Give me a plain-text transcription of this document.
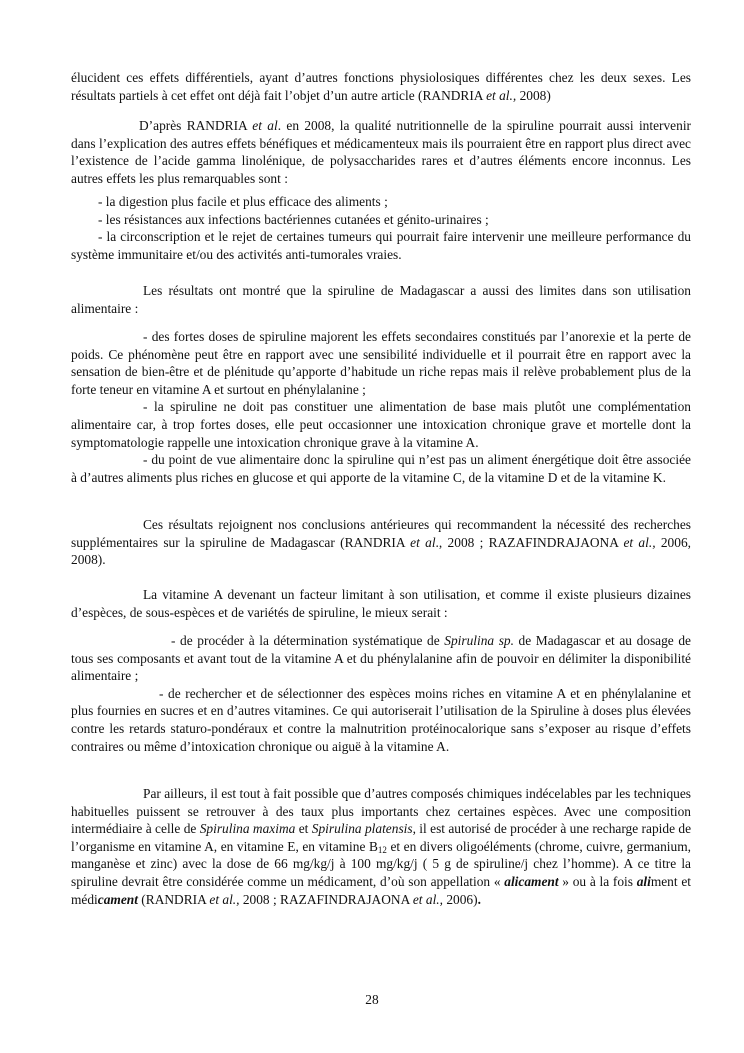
élucident ces effets différentiels, ayant d’autres fonctions physiolosiques différentes chez les deux sexes. Les résultats partiels à cet effet ont déjà fait l’objet d’un autre article (RANDRIA et al., 2008)

D’après RANDRIA et al. en 2008, la qualité nutritionnelle de la spiruline pourrait aussi intervenir dans l’explication des autres effets bénéfiques et médicamenteux mais ils pourraient être en rapport plus direct avec l’existence de l’acide gamma linolénique, de polysaccharides rares et d’autres éléments encore inconnus. Les autres effets les plus remarquables sont :

- la digestion plus facile et plus efficace des aliments ;
- les résistances aux infections bactériennes cutanées et génito-urinaires ;
- la circonscription et le rejet de certaines tumeurs qui pourrait faire intervenir une meilleure performance du système immunitaire et/ou des activités anti-tumorales vraies.

Les résultats ont montré que la spiruline de Madagascar a aussi des limites dans son utilisation alimentaire :

- des fortes doses de spiruline majorent les effets secondaires constitués par l’anorexie et la perte de poids. Ce phénomène peut être en rapport avec une sensibilité individuelle et il pourrait être en rapport avec la sensation de bien-être et de plénitude qu’apporte d’habitude un riche repas mais il relève probablement plus de la forte teneur en vitamine A et surtout en phénylalanine ;
- la spiruline ne doit pas constituer une alimentation de base mais plutôt une complémentation alimentaire car, à trop fortes doses, elle peut occasionner une intoxication chronique grave et mortelle dont la symptomatologie rappelle une intoxication chronique grave à la vitamine A.
- du point de vue alimentaire donc la spiruline qui n’est pas un aliment énergétique doit être associée à d’autres aliments plus riches en glucose et qui apporte de la vitamine C, de la vitamine D et de la vitamine K.

Ces résultats rejoignent nos conclusions antérieures qui recommandent la nécessité des recherches supplémentaires sur la spiruline de Madagascar (RANDRIA et al., 2008 ; RAZAFINDRAJAONA et al., 2006, 2008).

La vitamine A devenant un facteur limitant à son utilisation, et comme il existe plusieurs dizaines d’espèces, de sous-espèces et de variétés de spiruline, le mieux serait :

- de procéder à la détermination systématique de Spirulina sp. de Madagascar et au dosage de tous ses composants et avant tout de la vitamine A et du phénylalanine afin de pouvoir en délimiter la disponibilité alimentaire ;
- de rechercher et de sélectionner des espèces moins riches en vitamine A et en phénylalanine et plus fournies en sucres et en d’autres vitamines. Ce qui autoriserait l’utilisation de la Spiruline à doses plus élevées contre les retards staturo-pondéraux et contre la malnutrition protéinocalorique sans s’exposer au risque d’effets contraires ou même d’intoxication chronique ou aiguë à la vitamine A.

Par ailleurs, il est tout à fait possible que d’autres composés chimiques indécelables par les techniques habituelles puissent se retrouver à des taux plus importants chez certaines espèces. Avec une composition intermédiaire à celle de Spirulina maxima et Spirulina platensis, il est autorisé de procéder à une recharge rapide de l’organisme en vitamine A, en vitamine E, en vitamine $B_{12}$ et en divers oligoéléments (chrome, cuivre, germanium, manganèse et zinc) avec la dose de 66 mg/kg/j à 100 mg/kg/j ( 5 g de spiruline/j chez l’homme). A ce titre la spiruline devrait être considérée comme un médicament, d’où son appellation « alicament » ou à la fois aliment et médicament (RANDRIA et al., 2008 ; RAZAFINDRAJAONA et al., 2006).

28
